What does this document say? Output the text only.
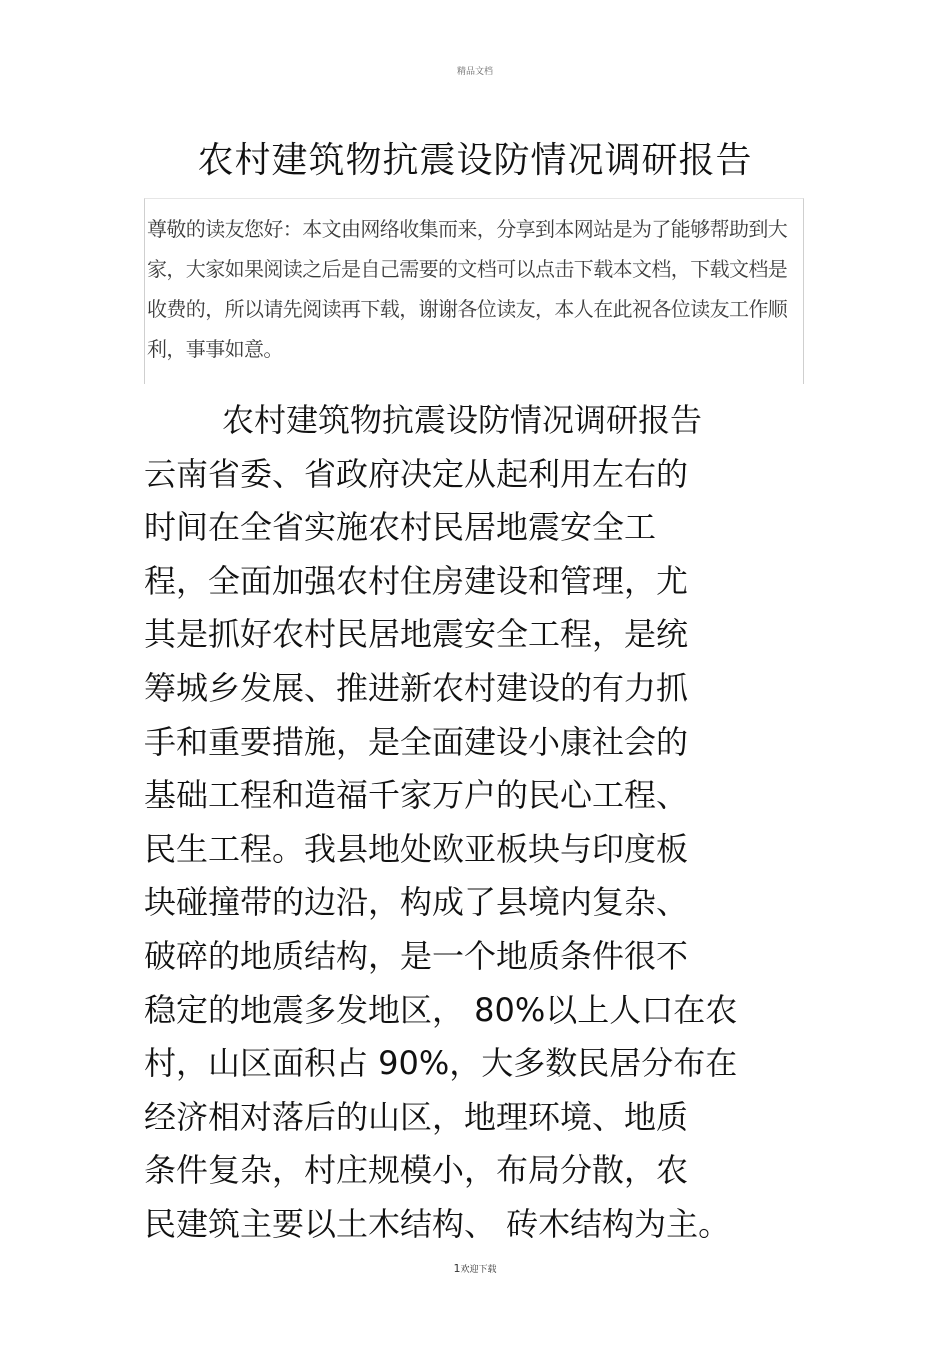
精品文档
农村建筑物抗震设防情况调研报告

尊敬的读友您好：本文由网络收集而来，分享到本网站是为了能够帮助到大家，大家如果阅读之后是自己需要的文档可以点击下载本文档，下载文档是收费的，所以请先阅读再下载，谢谢各位读友，本人在此祝各位读友工作顺利，事事如意。

农村建筑物抗震设防情况调研报告
云南省委、省政府决定从起利用左右的
时间在全省实施农村民居地震安全工
程，全面加强农村住房建设和管理，尤
其是抓好农村民居地震安全工程，是统
筹城乡发展、推进新农村建设的有力抓
手和重要措施，是全面建设小康社会的
基础工程和造福千家万户的民心工程、
民生工程。我县地处欧亚板块与印度板
块碰撞带的边沿，构成了县境内复杂、
破碎的地质结构，是一个地质条件很不
稳定的地震多发地区， 80%以上人口在农
村，山区面积占 90%，大多数民居分布在
经济相对落后的山区，地理环境、地质
条件复杂，村庄规模小，布局分散，农
民建筑主要以土木结构、 砖木结构为主。
1欢迎下载
